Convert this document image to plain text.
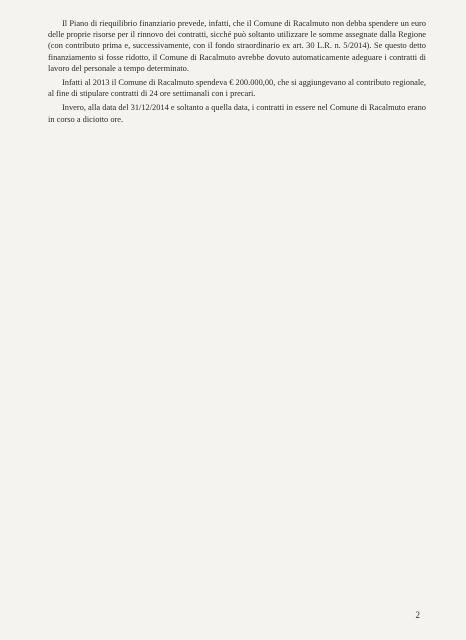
Il Piano di riequilibrio finanziario prevede, infatti, che il Comune di Racalmuto non debba spendere un euro delle proprie risorse per il rinnovo dei contratti, sicché può soltanto utilizzare le somme assegnate dalla Regione (con contributo prima e, successivamente, con il fondo straordinario ex art. 30 L.R. n. 5/2014). Se questo detto finanziamento si fosse ridotto, il Comune di Racalmuto avrebbe dovuto automaticamente adeguare i contratti di lavoro del personale a tempo determinato.

Infatti al 2013 il Comune di Racalmuto spendeva € 200.000,00, che si aggiungevano al contributo regionale, al fine di stipulare contratti di 24 ore settimanali con i precari.

Invero, alla data del 31/12/2014 e soltanto a quella data, i contratti in essere nel Comune di Racalmuto erano in corso a diciotto ore.

2
